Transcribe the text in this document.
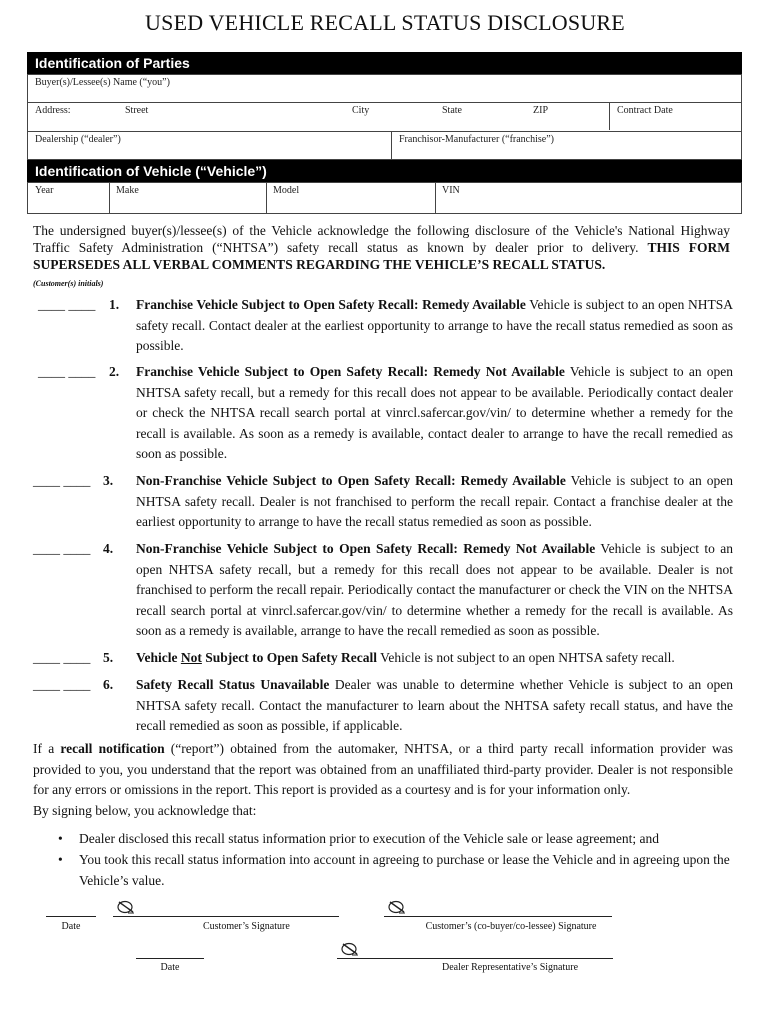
USED VEHICLE RECALL STATUS DISCLOSURE
Identification of Parties
Buyer(s)/Lessee(s) Name (“you”)
Address:	Street	City	State	ZIP	Contract Date
Dealership (“dealer”)	Franchisor-Manufacturer (“franchise”)
Identification of Vehicle (“Vehicle”)
Year	Make	Model	VIN
The undersigned buyer(s)/lessee(s) of the Vehicle acknowledge the following disclosure of the Vehicle's National Highway Traffic Safety Administration (“NHTSA”) safety recall status as known by dealer prior to delivery. THIS FORM SUPERSEDES ALL VERBAL COMMENTS REGARDING THE VEHICLE’S RECALL STATUS.
(Customer(s) initials)
____ ____ 1. Franchise Vehicle Subject to Open Safety Recall: Remedy Available Vehicle is subject to an open NHTSA safety recall. Contact dealer at the earliest opportunity to arrange to have the recall status remedied as soon as possible.
____ ____ 2. Franchise Vehicle Subject to Open Safety Recall: Remedy Not Available Vehicle is subject to an open NHTSA safety recall, but a remedy for this recall does not appear to be available. Periodically contact dealer or check the NHTSA recall search portal at vinrcl.safercar.gov/vin/ to determine whether a remedy for the recall is available. As soon as a remedy is available, contact dealer to arrange to have the recall remedied as soon as possible.
____ ____ 3. Non-Franchise Vehicle Subject to Open Safety Recall: Remedy Available Vehicle is subject to an open NHTSA safety recall. Dealer is not franchised to perform the recall repair. Contact a franchise dealer at the earliest opportunity to arrange to have the recall status remedied as soon as possible.
____ ____ 4. Non-Franchise Vehicle Subject to Open Safety Recall: Remedy Not Available Vehicle is subject to an open NHTSA safety recall, but a remedy for this recall does not appear to be available. Dealer is not franchised to perform the recall repair. Periodically contact the manufacturer or check the VIN on the NHTSA recall search portal at vinrcl.safercar.gov/vin/ to determine whether a remedy for the recall is available. As soon as a remedy is available, arrange to have the recall remedied as soon as possible.
____ ____ 5. Vehicle Not Subject to Open Safety Recall Vehicle is not subject to an open NHTSA safety recall.
____ ____ 6. Safety Recall Status Unavailable Dealer was unable to determine whether Vehicle is subject to an open NHTSA safety recall. Contact the manufacturer to learn about the NHTSA safety recall status, and have the recall remedied as soon as possible, if applicable.
If a recall notification (“report”) obtained from the automaker, NHTSA, or a third party recall information provider was provided to you, you understand that the report was obtained from an unaffiliated third-party provider. Dealer is not responsible for any errors or omissions in the report. This report is provided as a courtesy and is for your information only.
By signing below, you acknowledge that:
• Dealer disclosed this recall status information prior to execution of the Vehicle sale or lease agreement; and
• You took this recall status information into account in agreeing to purchase or lease the Vehicle and in agreeing upon the Vehicle’s value.
Date	Customer’s Signature	Customer’s (co-buyer/co-lessee) Signature
Date	Dealer Representative’s Signature
